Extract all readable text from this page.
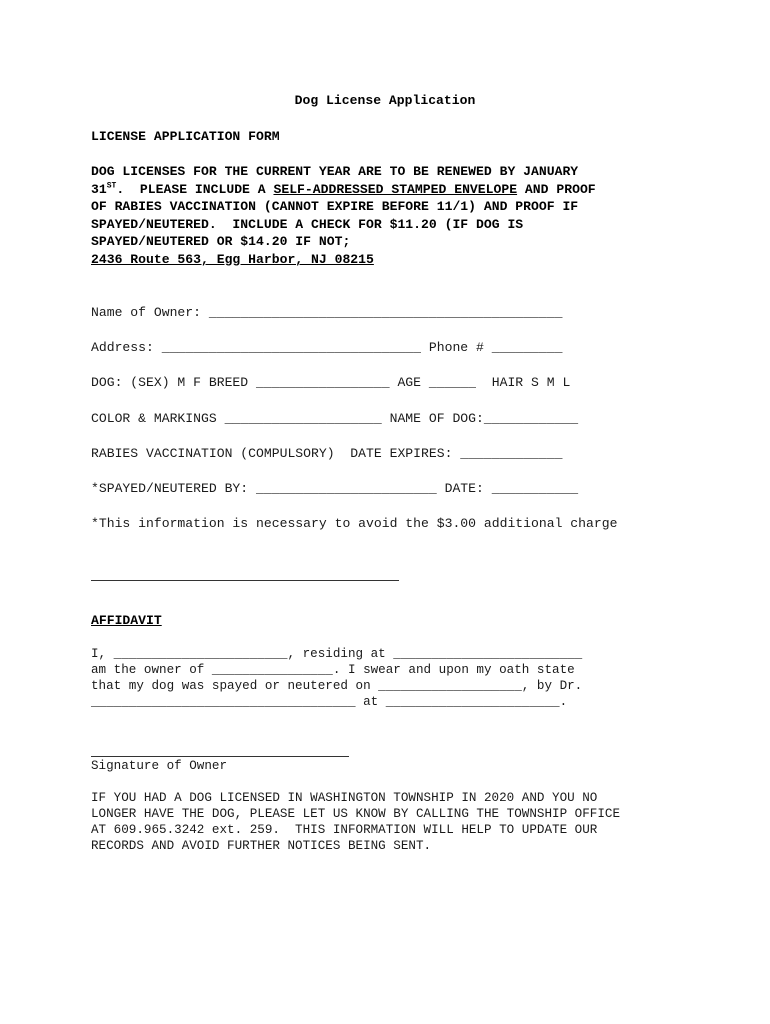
Dog License Application

LICENSE APPLICATION FORM

DOG LICENSES FOR THE CURRENT YEAR ARE TO BE RENEWED BY JANUARY

31ST.  PLEASE INCLUDE A SELF-ADDRESSED STAMPED ENVELOPE AND PROOF

OF RABIES VACCINATION (CANNOT EXPIRE BEFORE 11/1) AND PROOF IF

SPAYED/NEUTERED.  INCLUDE A CHECK FOR $11.20 (IF DOG IS

SPAYED/NEUTERED OR $14.20 IF NOT;

2436 Route 563, Egg Harbor, NJ 08215

Name of Owner: _____________________________________________

Address: _________________________________ Phone # _________

DOG: (SEX) M F BREED _________________ AGE ______  HAIR S M L

COLOR & MARKINGS ____________________ NAME OF DOG:____________

RABIES VACCINATION (COMPULSORY)  DATE EXPIRES: _____________

*SPAYED/NEUTERED BY: _______________________ DATE: ___________

*This information is necessary to avoid the $3.00 additional charge

AFFIDAVIT

I, _______________________, residing at _________________________

am the owner of ________________. I swear and upon my oath state

that my dog was spayed or neutered on ___________________, by Dr.

___________________________________ at _______________________.

Signature of Owner

IF YOU HAD A DOG LICENSED IN WASHINGTON TOWNSHIP IN 2020 AND YOU NO

LONGER HAVE THE DOG, PLEASE LET US KNOW BY CALLING THE TOWNSHIP OFFICE

AT 609.965.3242 ext. 259.  THIS INFORMATION WILL HELP TO UPDATE OUR

RECORDS AND AVOID FURTHER NOTICES BEING SENT.
